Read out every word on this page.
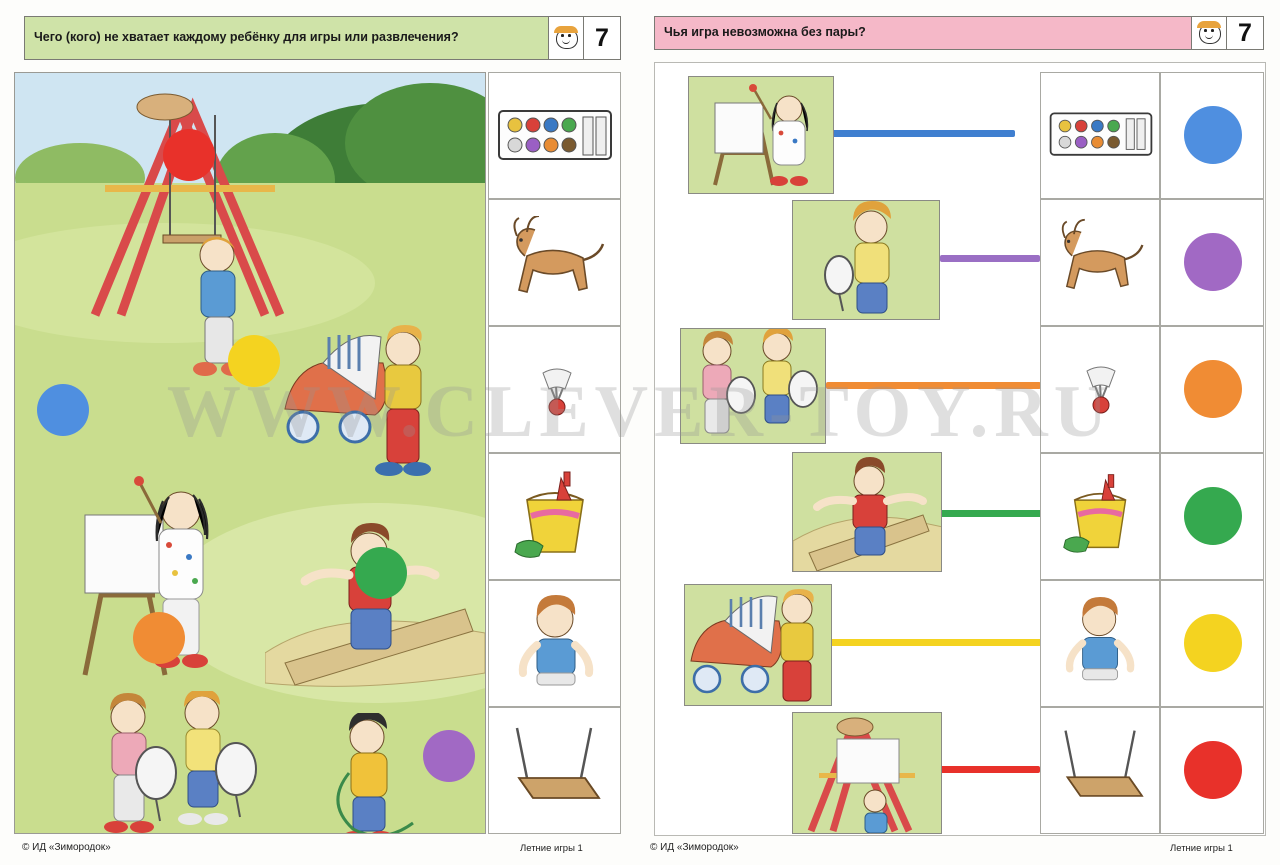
Чего (кого) не хватает каждому ребёнку для игры или развлечения?	7
© ИД «Зимородок»	Летние игры 1
Чья игра невозможна без пары?	7
© ИД «Зимородок»	Летние игры 1
WWW.CLEVER-TOY.RU
